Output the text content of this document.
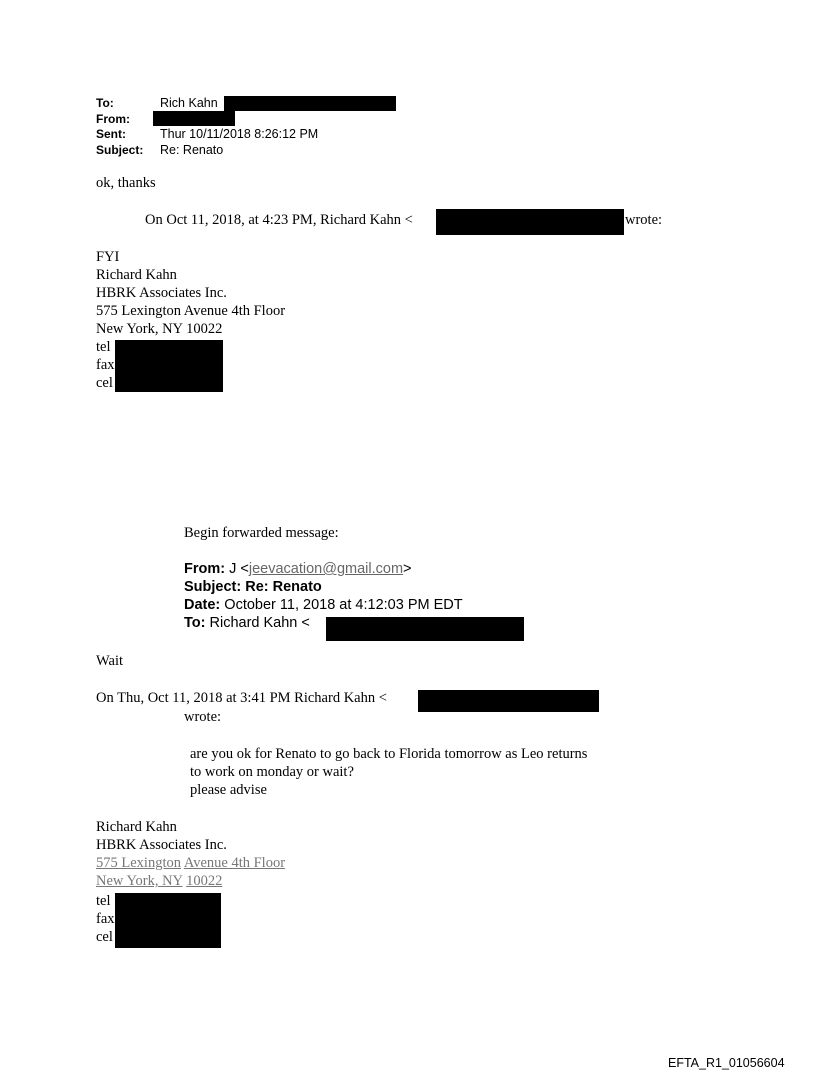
To:	Rich Kahn
From:
Sent:	Thur 10/11/2018 8:26:12 PM
Subject: Re: Renato
ok, thanks
On Oct 11, 2018, at 4:23 PM, Richard Kahn <	wrote:
FYI
Richard Kahn
HBRK Associates Inc.
575 Lexington Avenue 4th Floor
New York, NY 10022
tel
fax
cel
Begin forwarded message:
From: J <jeevacation@gmail.com>
Subject: Re: Renato
Date: October 11, 2018 at 4:12:03 PM EDT
To: Richard Kahn <
Wait
On Thu, Oct 11, 2018 at 3:41 PM Richard Kahn <
wrote:
are you ok for Renato to go back to Florida tomorrow as Leo returns
to work on monday or wait?
please advise
Richard Kahn
HBRK Associates Inc.
575 Lexington Avenue 4th Floor
New York, NY 10022
tel
fax
cel
EFTA_R1_01056604
